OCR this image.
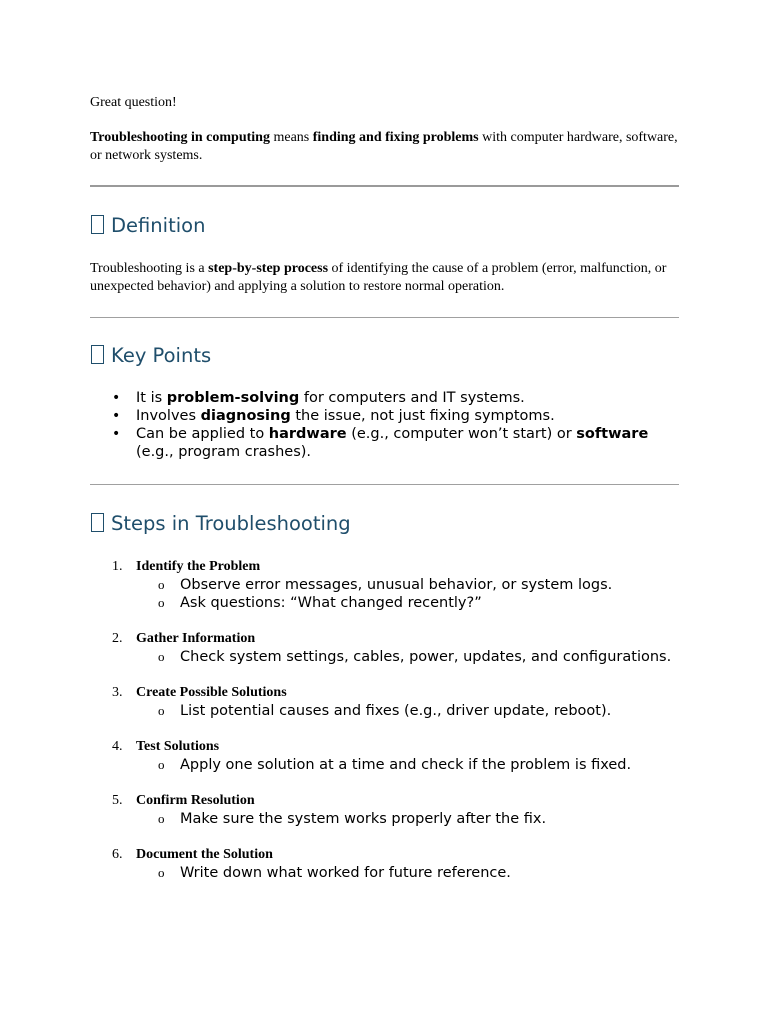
Great question!
Troubleshooting in computing means finding and fixing problems with computer hardware, software, or network systems.
Definition
Troubleshooting is a step-by-step process of identifying the cause of a problem (error, malfunction, or unexpected behavior) and applying a solution to restore normal operation.
Key Points
• It is problem-solving for computers and IT systems.
• Involves diagnosing the issue, not just fixing symptoms.
• Can be applied to hardware (e.g., computer won’t start) or software (e.g., program crashes).
Steps in Troubleshooting
1. Identify the Problem
o Observe error messages, unusual behavior, or system logs.
o Ask questions: “What changed recently?”
2. Gather Information
o Check system settings, cables, power, updates, and configurations.
3. Create Possible Solutions
o List potential causes and fixes (e.g., driver update, reboot).
4. Test Solutions
o Apply one solution at a time and check if the problem is fixed.
5. Confirm Resolution
o Make sure the system works properly after the fix.
6. Document the Solution
o Write down what worked for future reference.
